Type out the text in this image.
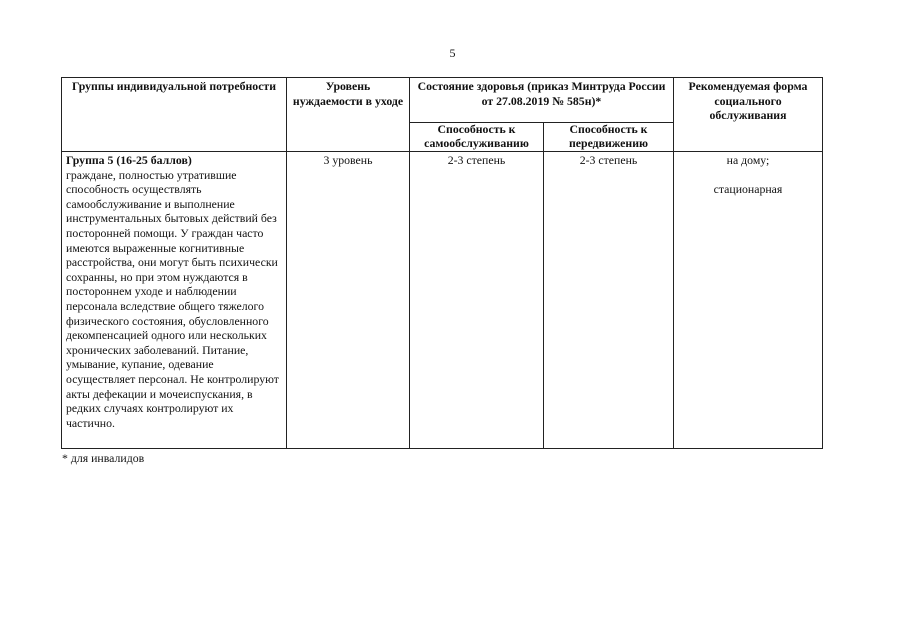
5
Группы индивидуальной потребности	Уровень нуждаемости в уходе	Состояние здоровья (приказ Минтруда России от 27.08.2019 № 585н)*		Рекомендуемая форма социального обслуживания
		Способность к самообслуживанию	Способность к передвижению	

Группа 5 (16-25 баллов)
граждане, полностью утратившие способность осуществлять самообслуживание и выполнение инструментальных бытовых действий без посторонней помощи. У граждан часто имеются выраженные когнитивные расстройства, они могут быть психически сохранны, но при этом нуждаются в постороннем уходе и наблюдении персонала вследствие общего тяжелого физического состояния, обусловленного декомпенсацией одного или нескольких хронических заболеваний. Питание, умывание, купание, одевание осуществляет персонал. Не контролируют акты дефекации и мочеиспускания, в редких случаях контролируют их частично.	3 уровень	2-3 степень	2-3 степень	на дому;
стационарная
* для инвалидов
